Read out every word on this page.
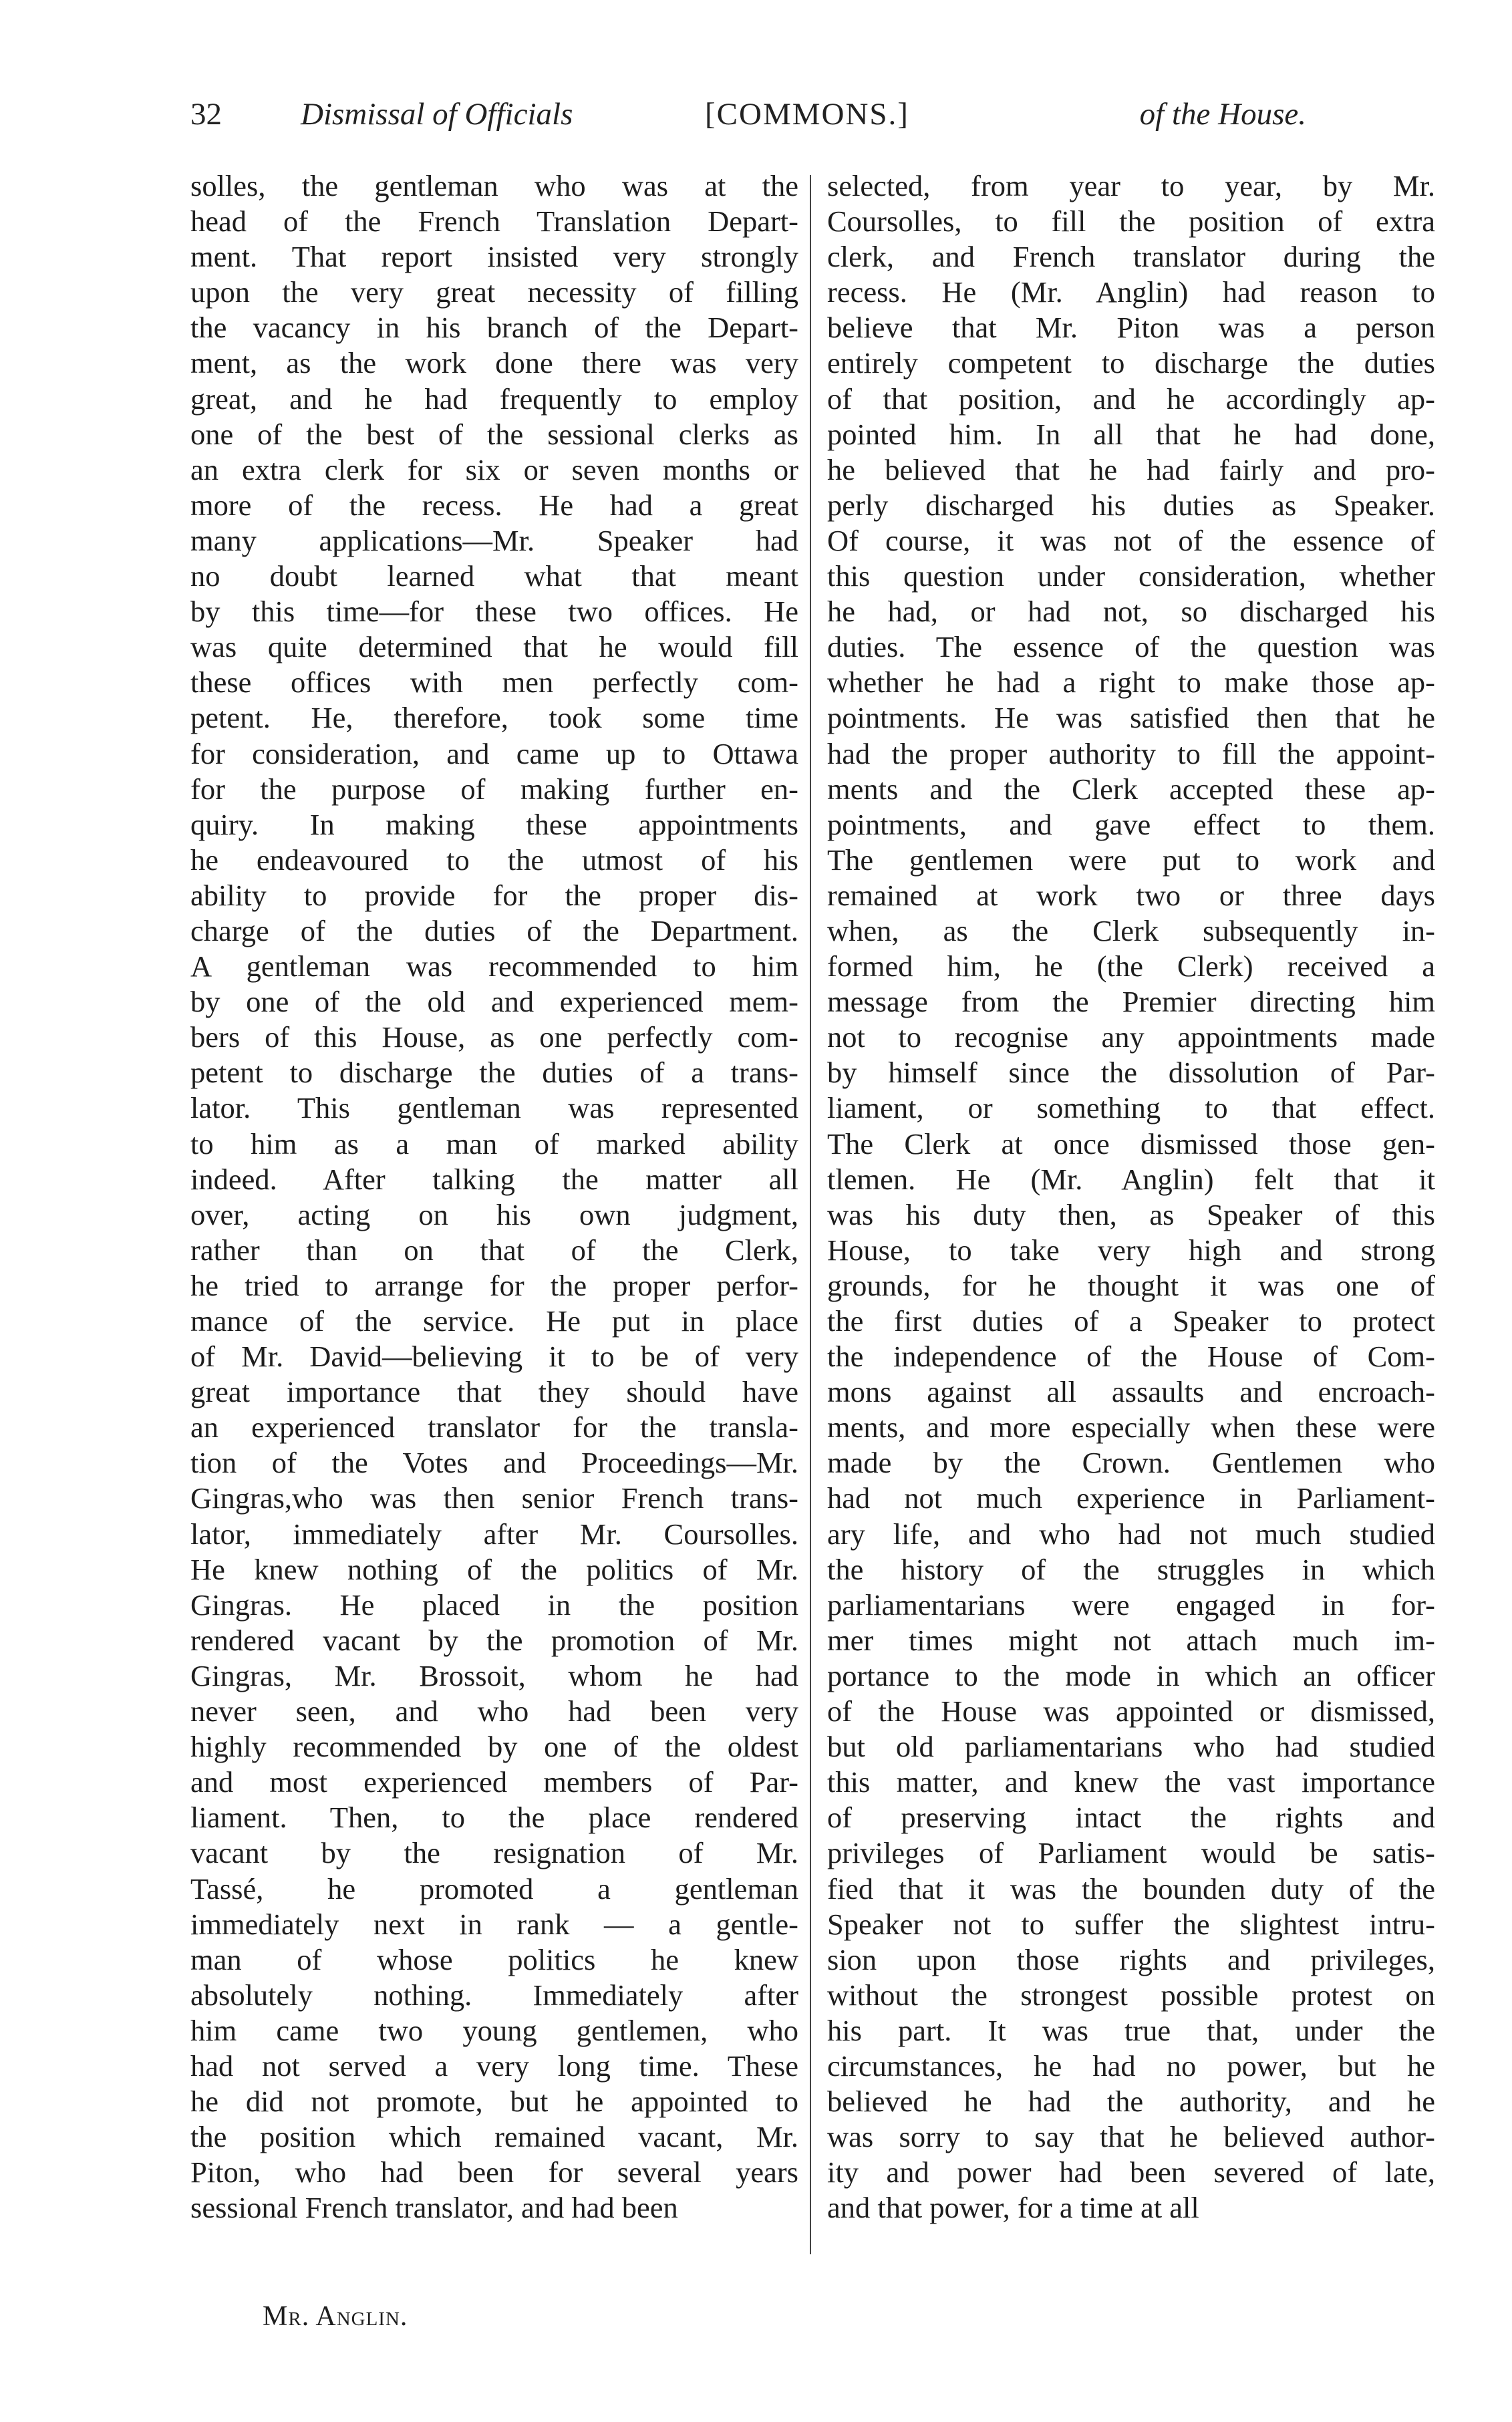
32	Dismissal of Officials	[COMMONS.]	of the House.
solles, the gentleman who was at the
head of the French Translation Depart-
ment. That report insisted very strongly
upon the very great necessity of filling
the vacancy in his branch of the Depart-
ment, as the work done there was very
great, and he had frequently to employ
one of the best of the sessional clerks as
an extra clerk for six or seven months or
more of the recess. He had a great
many applications—Mr. Speaker had
no doubt learned what that meant
by this time—for these two offices. He
was quite determined that he would fill
these offices with men perfectly com-
petent. He, therefore, took some time
for consideration, and came up to Ottawa
for the purpose of making further en-
quiry. In making these appointments
he endeavoured to the utmost of his
ability to provide for the proper dis-
charge of the duties of the Department.
A gentleman was recommended to him
by one of the old and experienced mem-
bers of this House, as one perfectly com-
petent to discharge the duties of a trans-
lator. This gentleman was represented
to him as a man of marked ability
indeed. After talking the matter all
over, acting on his own judgment,
rather than on that of the Clerk,
he tried to arrange for the proper perfor-
mance of the service. He put in place
of Mr. David—believing it to be of very
great importance that they should have
an experienced translator for the transla-
tion of the Votes and Proceedings—Mr.
Gingras,who was then senior French trans-
lator, immediately after Mr. Coursolles.
He knew nothing of the politics of Mr.
Gingras. He placed in the position
rendered vacant by the promotion of Mr.
Gingras, Mr. Brossoit, whom he had
never seen, and who had been very
highly recommended by one of the oldest
and most experienced members of Par-
liament. Then, to the place rendered
vacant by the resignation of Mr.
Tassé, he promoted a gentleman
immediately next in rank — a gentle-
man of whose politics he knew
absolutely nothing. Immediately after
him came two young gentlemen, who
had not served a very long time. These
he did not promote, but he appointed to
the position which remained vacant, Mr.
Piton, who had been for several years
sessional French translator, and had been
selected, from year to year, by Mr.
Coursolles, to fill the position of extra
clerk, and French translator during the
recess. He (Mr. Anglin) had reason to
believe that Mr. Piton was a person
entirely competent to discharge the duties
of that position, and he accordingly ap-
pointed him. In all that he had done,
he believed that he had fairly and pro-
perly discharged his duties as Speaker.
Of course, it was not of the essence of
this question under consideration, whether
he had, or had not, so discharged his
duties. The essence of the question was
whether he had a right to make those ap-
pointments. He was satisfied then that he
had the proper authority to fill the appoint-
ments and the Clerk accepted these ap-
pointments, and gave effect to them.
The gentlemen were put to work and
remained at work two or three days
when, as the Clerk subsequently in-
formed him, he (the Clerk) received a
message from the Premier directing him
not to recognise any appointments made
by himself since the dissolution of Par-
liament, or something to that effect.
The Clerk at once dismissed those gen-
tlemen. He (Mr. Anglin) felt that it
was his duty then, as Speaker of this
House, to take very high and strong
grounds, for he thought it was one of
the first duties of a Speaker to protect
the independence of the House of Com-
mons against all assaults and encroach-
ments, and more especially when these were
made by the Crown. Gentlemen who
had not much experience in Parliament-
ary life, and who had not much studied
the history of the struggles in which
parliamentarians were engaged in for-
mer times might not attach much im-
portance to the mode in which an officer
of the House was appointed or dismissed,
but old parliamentarians who had studied
this matter, and knew the vast importance
of preserving intact the rights and
privileges of Parliament would be satis-
fied that it was the bounden duty of the
Speaker not to suffer the slightest intru-
sion upon those rights and privileges,
without the strongest possible protest on
his part. It was true that, under the
circumstances, he had no power, but he
believed he had the authority, and he
was sorry to say that he believed author-
ity and power had been severed of late,
and that power, for a time at all
Mr. Anglin.
